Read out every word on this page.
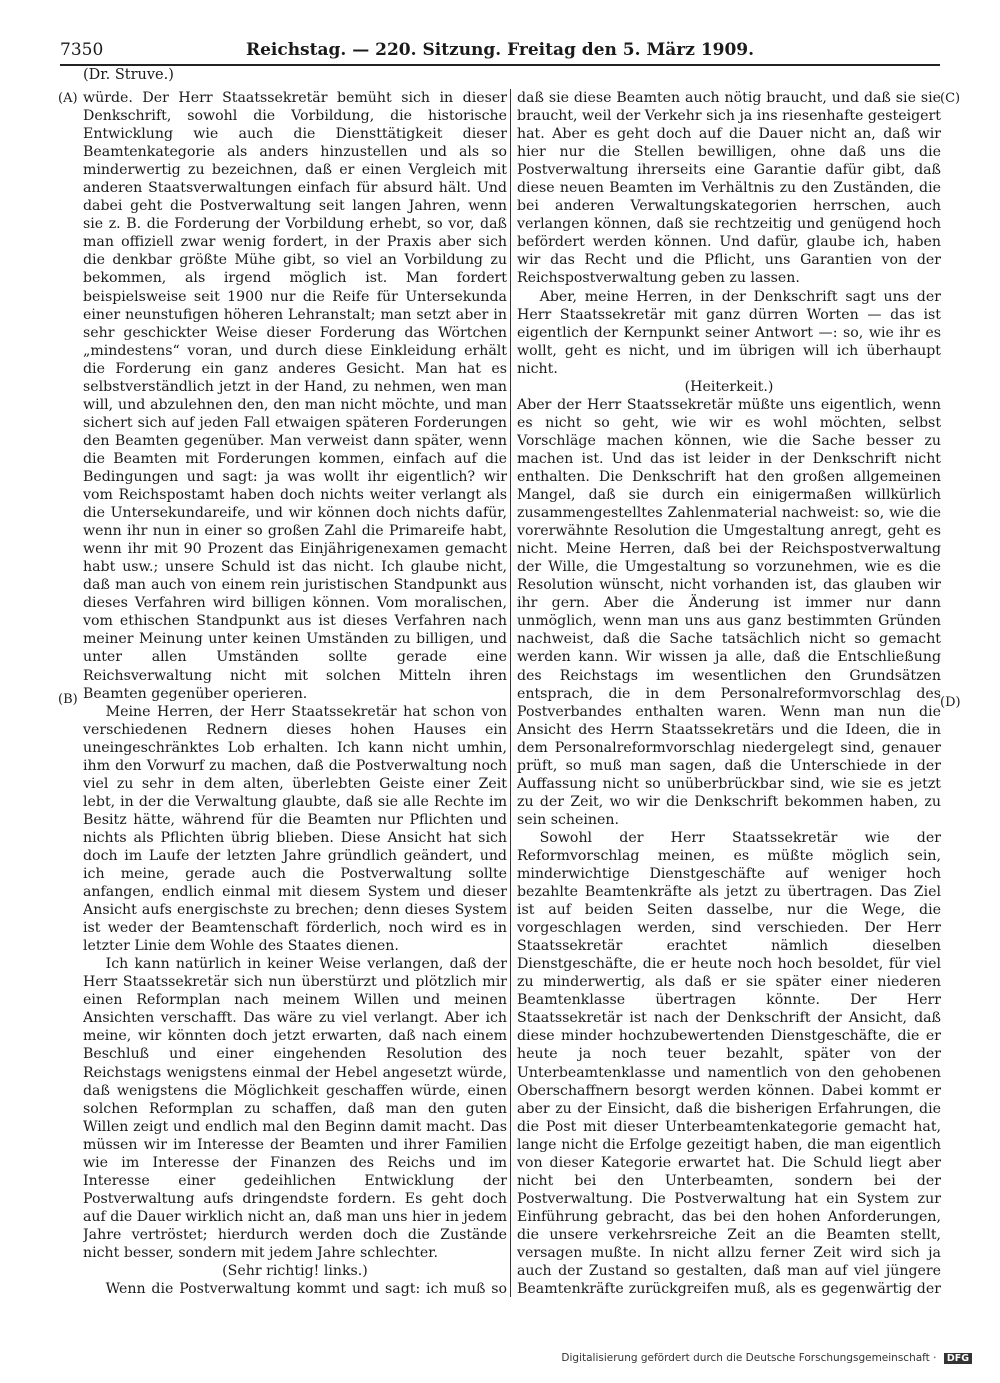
7350	Reichstag. — 220. Sitzung. Freitag den 5. März 1909.
(Dr. Struve.)
(A)
(B)
(C)
(D)

würde. Der Herr Staatssekretär bemüht sich in dieser Denkschrift, sowohl die Vorbildung, die historische Entwicklung wie auch die Diensttätigkeit dieser Beamtenkategorie als anders hinzustellen und als so minderwertig zu bezeichnen, daß er einen Vergleich mit anderen Staatsverwaltungen einfach für absurd hält. Und dabei geht die Postverwaltung seit langen Jahren, wenn sie z. B. die Forderung der Vorbildung erhebt, so vor, daß man offiziell zwar wenig fordert, in der Praxis aber sich die denkbar größte Mühe gibt, so viel an Vorbildung zu bekommen, als irgend möglich ist. Man fordert beispielsweise seit 1900 nur die Reife für Untersekunda einer neunstufigen höheren Lehranstalt; man setzt aber in sehr geschickter Weise dieser Forderung das Wörtchen „mindestens“ voran, und durch diese Einkleidung erhält die Forderung ein ganz anderes Gesicht. Man hat es selbstverständlich jetzt in der Hand, zu nehmen, wen man will, und abzulehnen den, den man nicht möchte, und man sichert sich auf jeden Fall etwaigen späteren Forderungen den Beamten gegenüber. Man verweist dann später, wenn die Beamten mit Forderungen kommen, einfach auf die Bedingungen und sagt: ja was wollt ihr eigentlich? wir vom Reichspostamt haben doch nichts weiter verlangt als die Untersekundareife, und wir können doch nichts dafür, wenn ihr nun in einer so großen Zahl die Primareife habt, wenn ihr mit 90 Prozent das Einjährigenexamen gemacht habt usw.; unsere Schuld ist das nicht. Ich glaube nicht, daß man auch von einem rein juristischen Standpunkt aus dieses Verfahren wird billigen können. Vom moralischen, vom ethischen Standpunkt aus ist dieses Verfahren nach meiner Meinung unter keinen Umständen zu billigen, und unter allen Umständen sollte gerade eine Reichsverwaltung nicht mit solchen Mitteln ihren Beamten gegenüber operieren.

Meine Herren, der Herr Staatssekretär hat schon von verschiedenen Rednern dieses hohen Hauses ein uneingeschränktes Lob erhalten. Ich kann nicht umhin, ihm den Vorwurf zu machen, daß die Postverwaltung noch viel zu sehr in dem alten, überlebten Geiste einer Zeit lebt, in der die Verwaltung glaubte, daß sie alle Rechte im Besitz hätte, während für die Beamten nur Pflichten und nichts als Pflichten übrig blieben. Diese Ansicht hat sich doch im Laufe der letzten Jahre gründlich geändert, und ich meine, gerade auch die Postverwaltung sollte anfangen, endlich einmal mit diesem System und dieser Ansicht aufs energischste zu brechen; denn dieses System ist weder der Beamtenschaft förderlich, noch wird es in letzter Linie dem Wohle des Staates dienen.

Ich kann natürlich in keiner Weise verlangen, daß der Herr Staatssekretär sich nun überstürzt und plötzlich mir einen Reformplan nach meinem Willen und meinen Ansichten verschafft. Das wäre zu viel verlangt. Aber ich meine, wir könnten doch jetzt erwarten, daß nach einem Beschluß und einer eingehenden Resolution des Reichstags wenigstens einmal der Hebel angesetzt würde, daß wenigstens die Möglichkeit geschaffen würde, einen solchen Reformplan zu schaffen, daß man den guten Willen zeigt und endlich mal den Beginn damit macht. Das müssen wir im Interesse der Beamten und ihrer Familien wie im Interesse der Finanzen des Reichs und im Interesse einer gedeihlichen Entwicklung der Postverwaltung aufs dringendste fordern. Es geht doch auf die Dauer wirklich nicht an, daß man uns hier in jedem Jahre vertröstet; hierdurch werden doch die Zustände nicht besser, sondern mit jedem Jahre schlechter.

(Sehr richtig! links.)

Wenn die Postverwaltung kommt und sagt: ich muß so

daß sie diese Beamten auch nötig braucht, und daß sie sie braucht, weil der Verkehr sich ja ins riesenhafte gesteigert hat. Aber es geht doch auf die Dauer nicht an, daß wir hier nur die Stellen bewilligen, ohne daß uns die Postverwaltung ihrerseits eine Garantie dafür gibt, daß diese neuen Beamten im Verhältnis zu den Zuständen, die bei anderen Verwaltungskategorien herrschen, auch verlangen können, daß sie rechtzeitig und genügend hoch befördert werden können. Und dafür, glaube ich, haben wir das Recht und die Pflicht, uns Garantien von der Reichspostverwaltung geben zu lassen.

Aber, meine Herren, in der Denkschrift sagt uns der Herr Staatssekretär mit ganz dürren Worten — das ist eigentlich der Kernpunkt seiner Antwort —: so, wie ihr es wollt, geht es nicht, und im übrigen will ich überhaupt nicht.

(Heiterkeit.)

Aber der Herr Staatssekretär müßte uns eigentlich, wenn es nicht so geht, wie wir es wohl möchten, selbst Vorschläge machen können, wie die Sache besser zu machen ist. Und das ist leider in der Denkschrift nicht enthalten. Die Denkschrift hat den großen allgemeinen Mangel, daß sie durch ein einigermaßen willkürlich zusammengestelltes Zahlenmaterial nachweist: so, wie die vorerwähnte Resolution die Umgestaltung anregt, geht es nicht. Meine Herren, daß bei der Reichspostverwaltung der Wille, die Umgestaltung so vorzunehmen, wie es die Resolution wünscht, nicht vorhanden ist, das glauben wir ihr gern. Aber die Änderung ist immer nur dann unmöglich, wenn man uns aus ganz bestimmten Gründen nachweist, daß die Sache tatsächlich nicht so gemacht werden kann. Wir wissen ja alle, daß die Entschließung des Reichstags im wesentlichen den Grundsätzen entsprach, die in dem Personalreformvorschlag des Postverbandes enthalten waren. Wenn man nun die Ansicht des Herrn Staatssekretärs und die Ideen, die in dem Personalreformvorschlag niedergelegt sind, genauer prüft, so muß man sagen, daß die Unterschiede in der Auffassung nicht so unüberbrückbar sind, wie sie es jetzt zu der Zeit, wo wir die Denkschrift bekommen haben, zu sein scheinen.

Sowohl der Herr Staatssekretär wie der Reformvorschlag meinen, es müßte möglich sein, minderwichtige Dienstgeschäfte auf weniger hoch bezahlte Beamtenkräfte als jetzt zu übertragen. Das Ziel ist auf beiden Seiten dasselbe, nur die Wege, die vorgeschlagen werden, sind verschieden. Der Herr Staatssekretär erachtet nämlich dieselben Dienstgeschäfte, die er heute noch hoch besoldet, für viel zu minderwertig, als daß er sie später einer niederen Beamtenklasse übertragen könnte. Der Herr Staatssekretär ist nach der Denkschrift der Ansicht, daß diese minder hochzubewertenden Dienstgeschäfte, die er heute ja noch teuer bezahlt, später von der Unterbeamtenklasse und namentlich von den gehobenen Oberschaffnern besorgt werden können. Dabei kommt er aber zu der Einsicht, daß die bisherigen Erfahrungen, die die Post mit dieser Unterbeamtenkategorie gemacht hat, lange nicht die Erfolge gezeitigt haben, die man eigentlich von dieser Kategorie erwartet hat. Die Schuld liegt aber nicht bei den Unterbeamten, sondern bei der Postverwaltung. Die Postverwaltung hat ein System zur Einführung gebracht, das bei den hohen Anforderungen, die unsere verkehrsreiche Zeit an die Beamten stellt, versagen mußte. In nicht allzu ferner Zeit wird sich ja auch der Zustand so gestalten, daß man auf viel jüngere Beamtenkräfte zurückgreifen muß, als es gegenwärtig der

Digitalisierung gefördert durch die Deutsche Forschungsgemeinschaft · DFG
